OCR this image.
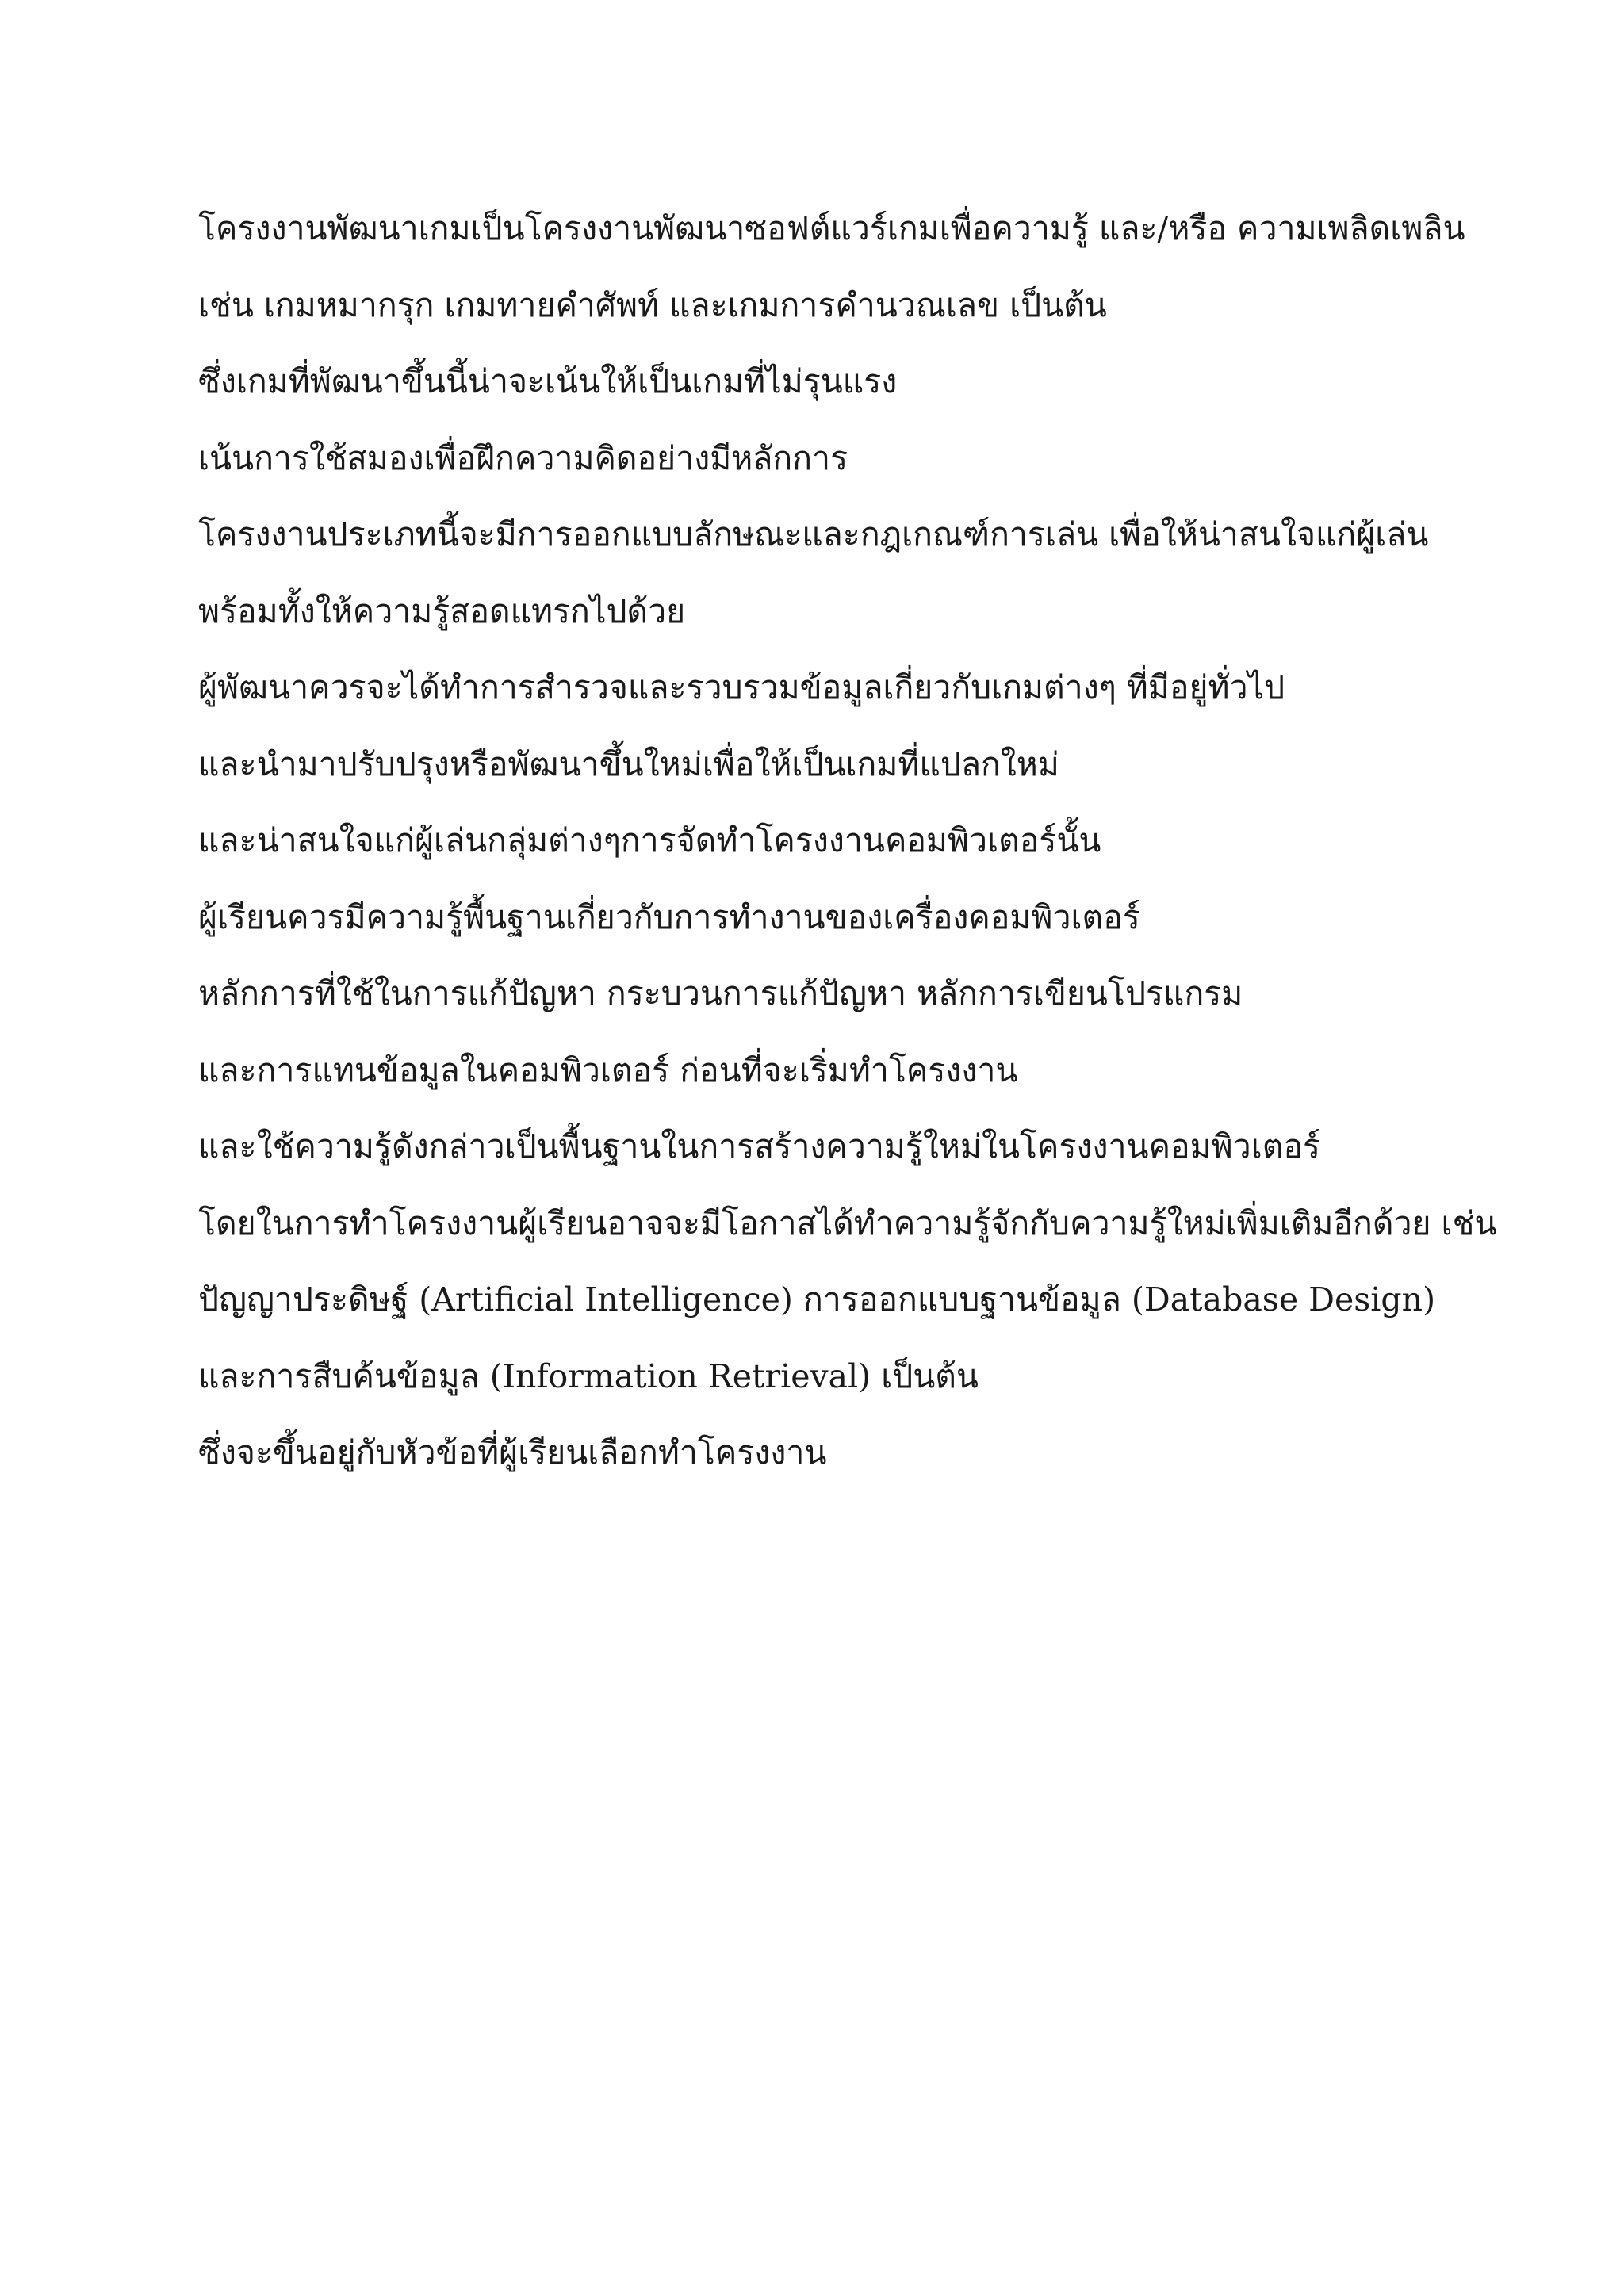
โครงงานพัฒนาเกมเป็นโครงงานพัฒนาซอฟต์แวร์เกมเพื่อความรู้ และ/หรือ ความเพลิดเพลิน
เช่น เกมหมากรุก เกมทายคำศัพท์ และเกมการคำนวณเลข เป็นต้น
ซึ่งเกมที่พัฒนาขึ้นนี้น่าจะเน้นให้เป็นเกมที่ไม่รุนแรง
เน้นการใช้สมองเพื่อฝึกความคิดอย่างมีหลักการ
โครงงานประเภทนี้จะมีการออกแบบลักษณะและกฎเกณฑ์การเล่น เพื่อให้น่าสนใจแก่ผู้เล่น
พร้อมทั้งให้ความรู้สอดแทรกไปด้วย
ผู้พัฒนาควรจะได้ทำการสำรวจและรวบรวมข้อมูลเกี่ยวกับเกมต่างๆ ที่มีอยู่ทั่วไป
และนำมาปรับปรุงหรือพัฒนาขึ้นใหม่เพื่อให้เป็นเกมที่แปลกใหม่
และน่าสนใจแก่ผู้เล่นกลุ่มต่างๆการจัดทำโครงงานคอมพิวเตอร์นั้น
ผู้เรียนควรมีความรู้พื้นฐานเกี่ยวกับการทำงานของเครื่องคอมพิวเตอร์
หลักการที่ใช้ในการแก้ปัญหา กระบวนการแก้ปัญหา หลักการเขียนโปรแกรม
และการแทนข้อมูลในคอมพิวเตอร์ ก่อนที่จะเริ่มทำโครงงาน
และใช้ความรู้ดังกล่าวเป็นพื้นฐานในการสร้างความรู้ใหม่ในโครงงานคอมพิวเตอร์
โดยในการทำโครงงานผู้เรียนอาจจะมีโอกาสได้ทำความรู้จักกับความรู้ใหม่เพิ่มเติมอีกด้วย เช่น
ปัญญาประดิษฐ์ (Artificial Intelligence) การออกแบบฐานข้อมูล (Database Design)
และการสืบค้นข้อมูล (Information Retrieval) เป็นต้น
ซึ่งจะขึ้นอยู่กับหัวข้อที่ผู้เรียนเลือกทำโครงงาน
